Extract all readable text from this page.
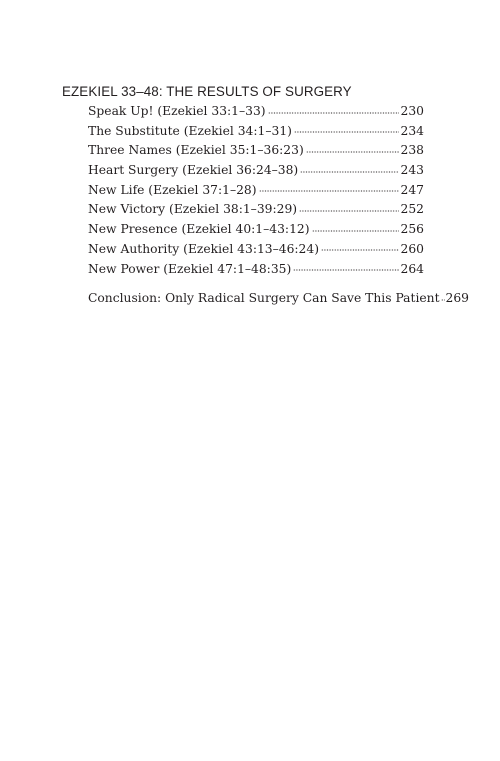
EZEKIEL 33–48: THE RESULTS OF SURGERY
Speak Up! (Ezekiel 33:1–33)	230
The Substitute (Ezekiel 34:1–31)	234
Three Names (Ezekiel 35:1–36:23)	238
Heart Surgery (Ezekiel 36:24–38)	243
New Life (Ezekiel 37:1–28)	247
New Victory (Ezekiel 38:1–39:29)	252
New Presence (Ezekiel 40:1–43:12)	256
New Authority (Ezekiel 43:13–46:24)	260
New Power (Ezekiel 47:1–48:35)	264
Conclusion: Only Radical Surgery Can Save This Patient 269
